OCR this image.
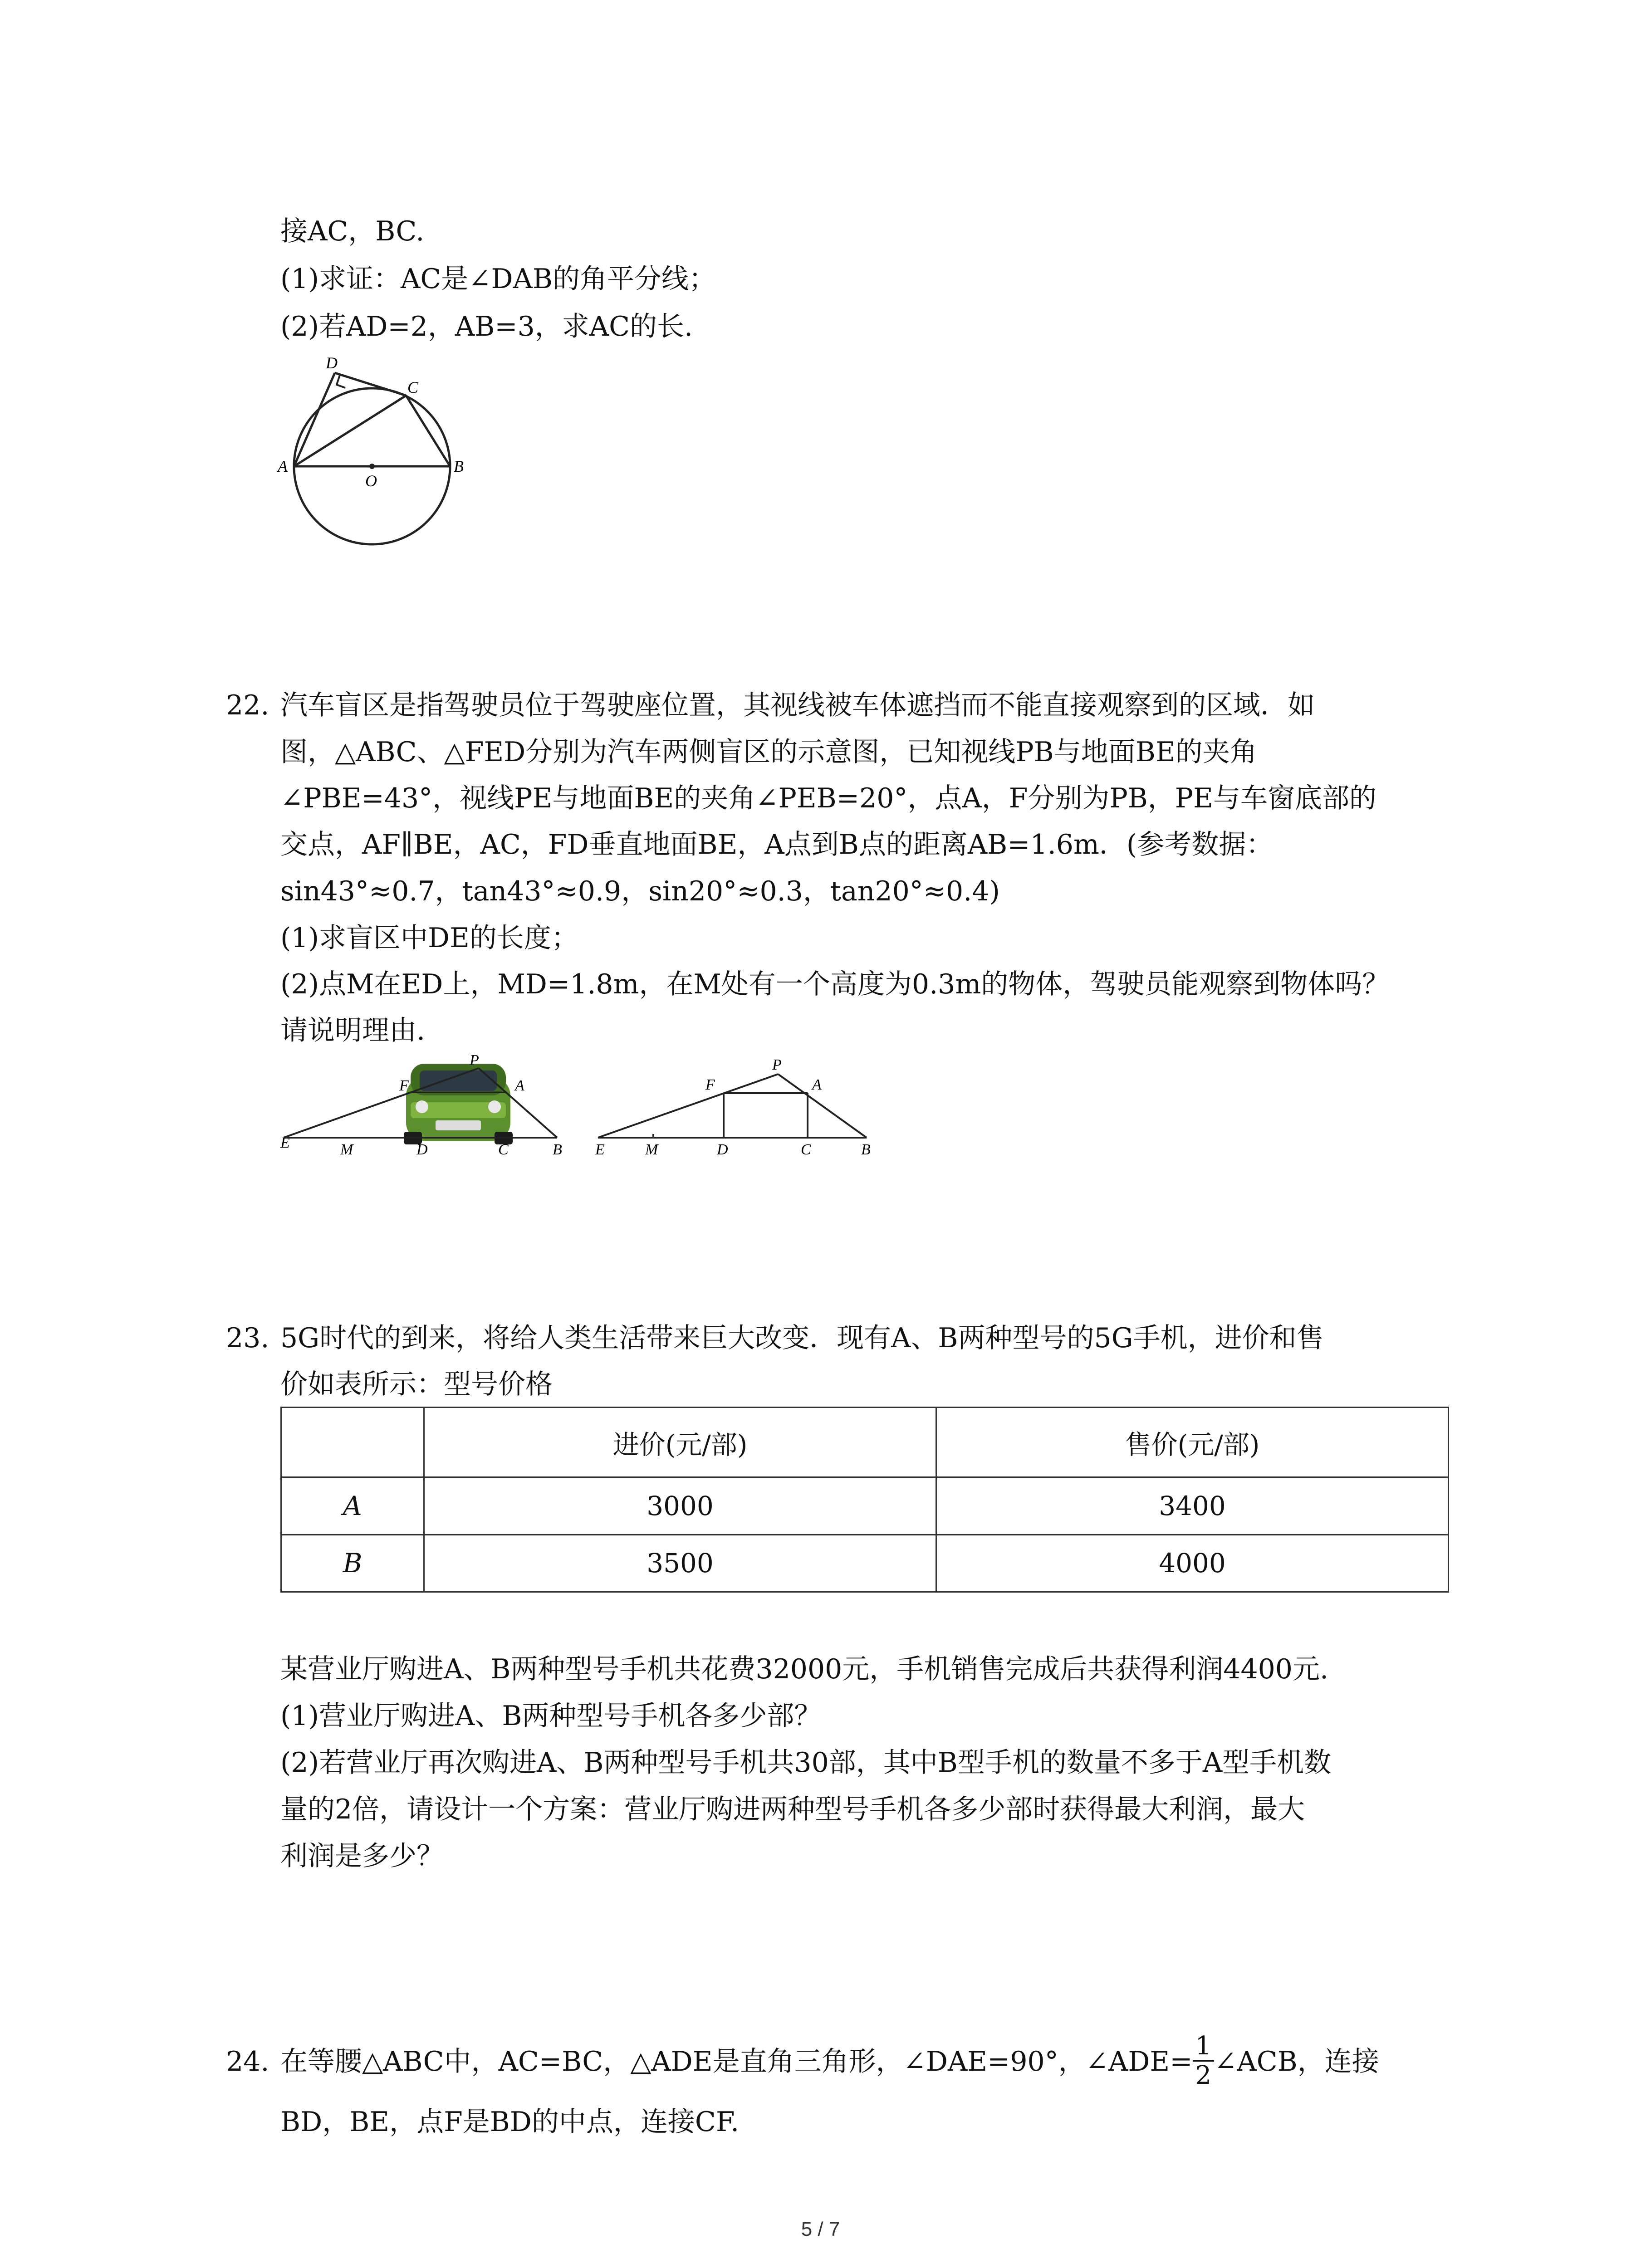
接AC，BC.
(1)求证：AC是∠DAB的角平分线；
(2)若AD=2，AB=3，求AC的长.
D
C
A
O
B
22. 汽车盲区是指驾驶员位于驾驶座位置，其视线被车体遮挡而不能直接观察到的区域．如
图，△ABC、△FED分别为汽车两侧盲区的示意图，已知视线PB与地面BE的夹角
∠PBE=43°，视线PE与地面BE的夹角∠PEB=20°，点A，F分别为PB，PE与车窗底部的
交点，AF∥BE，AC，FD垂直地面BE，A点到B点的距离AB=1.6m．(参考数据：
sin43°≈0.7，tan43°≈0.9，sin20°≈0.3，tan20°≈0.4)
(1)求盲区中DE的长度；
(2)点M在ED上，MD=1.8m，在M处有一个高度为0.3m的物体，驾驶员能观察到物体吗？
请说明理由.
P
F	A
E	M	D	C	B
P
F	A
E	M	D	C	B
23. 5G时代的到来，将给人类生活带来巨大改变．现有A、B两种型号的5G手机，进价和售
价如表所示：型号价格
	进价(元/部)	售价(元/部)
A	3000	3400
B	3500	4000
某营业厅购进A、B两种型号手机共花费32000元，手机销售完成后共获得利润4400元.
(1)营业厅购进A、B两种型号手机各多少部？
(2)若营业厅再次购进A、B两种型号手机共30部，其中B型手机的数量不多于A型手机数
量的2倍，请设计一个方案：营业厅购进两种型号手机各多少部时获得最大利润，最大
利润是多少？
24. 在等腰△ABC中，AC=BC，△ADE是直角三角形，∠DAE=90°，∠ADE= $\frac{1}{2}$ ∠ACB，连接
BD，BE，点F是BD的中点，连接CF.
5 / 7
